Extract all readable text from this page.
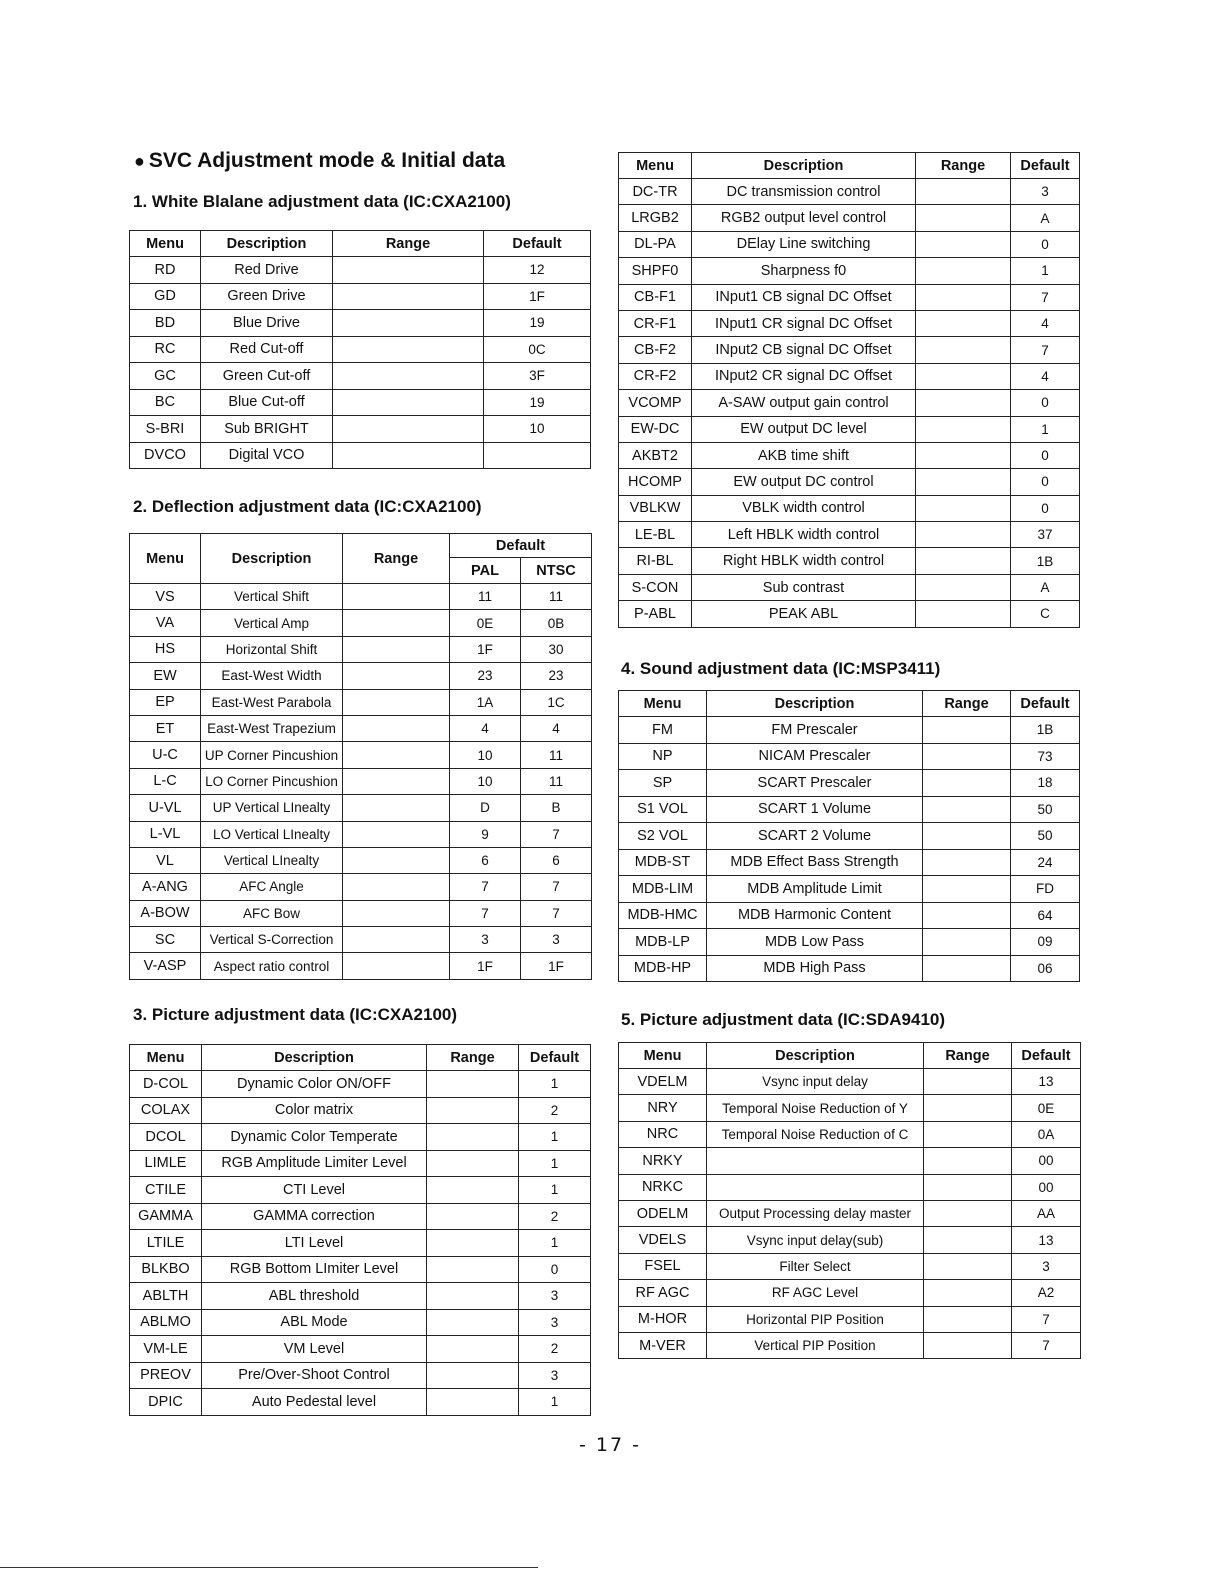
● SVC Adjustment mode & Initial data
1. White Blalane adjustment data (IC:CXA2100)
2. Deflection adjustment data (IC:CXA2100)
3. Picture adjustment data (IC:CXA2100)
4. Sound adjustment data (IC:MSP3411)
5. Picture adjustment data (IC:SDA9410)
Menu	Description	Range	Default
RD	Red Drive		12
GD	Green Drive		1F
BD	Blue Drive		19
RC	Red Cut-off		0C
GC	Green Cut-off		3F
BC	Blue Cut-off		19
S-BRI	Sub BRIGHT		10
DVCO	Digital VCO		
Menu	Description	Range	Default	
			PAL	NTSC
VS	Vertical Shift		11	11
VA	Vertical Amp		0E	0B
HS	Horizontal Shift		1F	30
EW	East-West Width		23	23
EP	East-West Parabola		1A	1C
ET	East-West Trapezium		4	4
U-C	UP Corner Pincushion		10	11
L-C	LO Corner Pincushion		10	11
U-VL	UP Vertical LInealty		D	B
L-VL	LO Vertical LInealty		9	7
VL	Vertical LInealty		6	6
A-ANG	AFC Angle		7	7
A-BOW	AFC Bow		7	7
SC	Vertical S-Correction		3	3
V-ASP	Aspect ratio control		1F	1F
Menu	Description	Range	Default
D-COL	Dynamic Color ON/OFF		1
COLAX	Color matrix		2
DCOL	Dynamic Color Temperate		1
LIMLE	RGB Amplitude Limiter Level		1
CTILE	CTI Level		1
GAMMA	GAMMA correction		2
LTILE	LTI Level		1
BLKBO	RGB Bottom LImiter Level		0
ABLTH	ABL threshold		3
ABLMO	ABL Mode		3
VM-LE	VM Level		2
PREOV	Pre/Over-Shoot Control		3
DPIC	Auto Pedestal level		1
Menu	Description	Range	Default
DC-TR	DC transmission control		3
LRGB2	RGB2 output level control		A
DL-PA	DElay Line switching		0
SHPF0	Sharpness f0		1
CB-F1	INput1 CB signal DC Offset		7
CR-F1	INput1 CR signal DC Offset		4
CB-F2	INput2 CB signal DC Offset		7
CR-F2	INput2 CR signal DC Offset		4
VCOMP	A-SAW output gain control		0
EW-DC	EW output DC level		1
AKBT2	AKB time shift		0
HCOMP	EW output DC control		0
VBLKW	VBLK width control		0
LE-BL	Left HBLK width control		37
RI-BL	Right HBLK width control		1B
S-CON	Sub contrast		A
P-ABL	PEAK ABL		C
Menu	Description	Range	Default
FM	FM Prescaler		1B
NP	NICAM Prescaler		73
SP	SCART Prescaler		18
S1 VOL	SCART 1 Volume		50
S2 VOL	SCART 2 Volume		50
MDB-ST	MDB Effect Bass Strength		24
MDB-LIM	MDB Amplitude Limit		FD
MDB-HMC	MDB Harmonic Content		64
MDB-LP	MDB Low Pass		09
MDB-HP	MDB High Pass		06
Menu	Description	Range	Default
VDELM	Vsync input delay		13
NRY	Temporal Noise Reduction of Y		0E
NRC	Temporal Noise Reduction of C		0A
NRKY			00
NRKC			00
ODELM	Output Processing delay master		AA
VDELS	Vsync input delay(sub)		13
FSEL	Filter Select		3
RF AGC	RF AGC Level		A2
M-HOR	Horizontal PIP Position		7
M-VER	Vertical PIP Position		7
- 17 -
